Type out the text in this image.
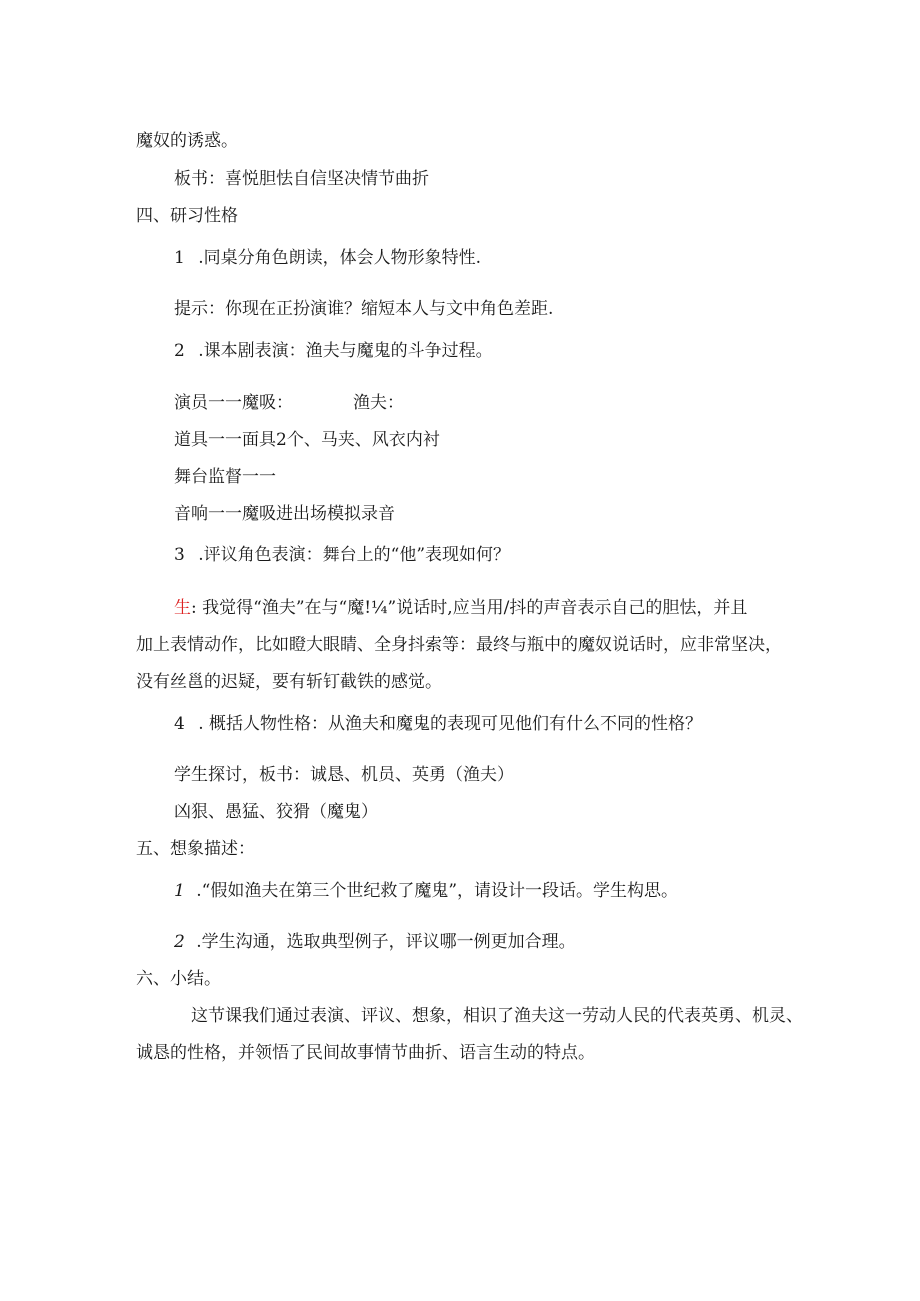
魔奴的诱惑。
板书：喜悦胆怯自信坚决情节曲折
四、研习性格
1 .同桌分角色朗读，体会人物形象特性.
提示：你现在正扮演谁？缩短本人与文中角色差距.
2 .课本剧表演：渔夫与魔鬼的斗争过程。
演员一一魔吸：	渔夫：
道具一一面具2个、马夹、风衣内衬
舞台监督一一
音响一一魔吸进出场模拟录音
3 .评议角色表演：舞台上的“他”表现如何？
生: 我觉得“渔夫”在与“魔!¼”说话时,应当用/抖的声音表示自己的胆怯，并且
加上表情动作，比如瞪大眼睛、全身抖索等：最终与瓶中的魔奴说话时，应非常坚决，
没有丝邕的迟疑，要有斩钉截铁的感觉。
4 . 概括人物性格：从渔夫和魔鬼的表现可见他们有什么不同的性格？
学生探讨，板书：诚恳、机员、英勇（渔夫）
凶狠、愚猛、狡猾（魔鬼）
五、想象描述：
1 .“假如渔夫在第三个世纪救了魔鬼”，请设计一段话。学生构思。
2 .学生沟通，选取典型例子，评议哪一例更加合理。
六、小结。
这节课我们通过表演、评议、想象，相识了渔夫这一劳动人民的代表英勇、机灵、
诚恳的性格，并领悟了民间故事情节曲折、语言生动的特点。
